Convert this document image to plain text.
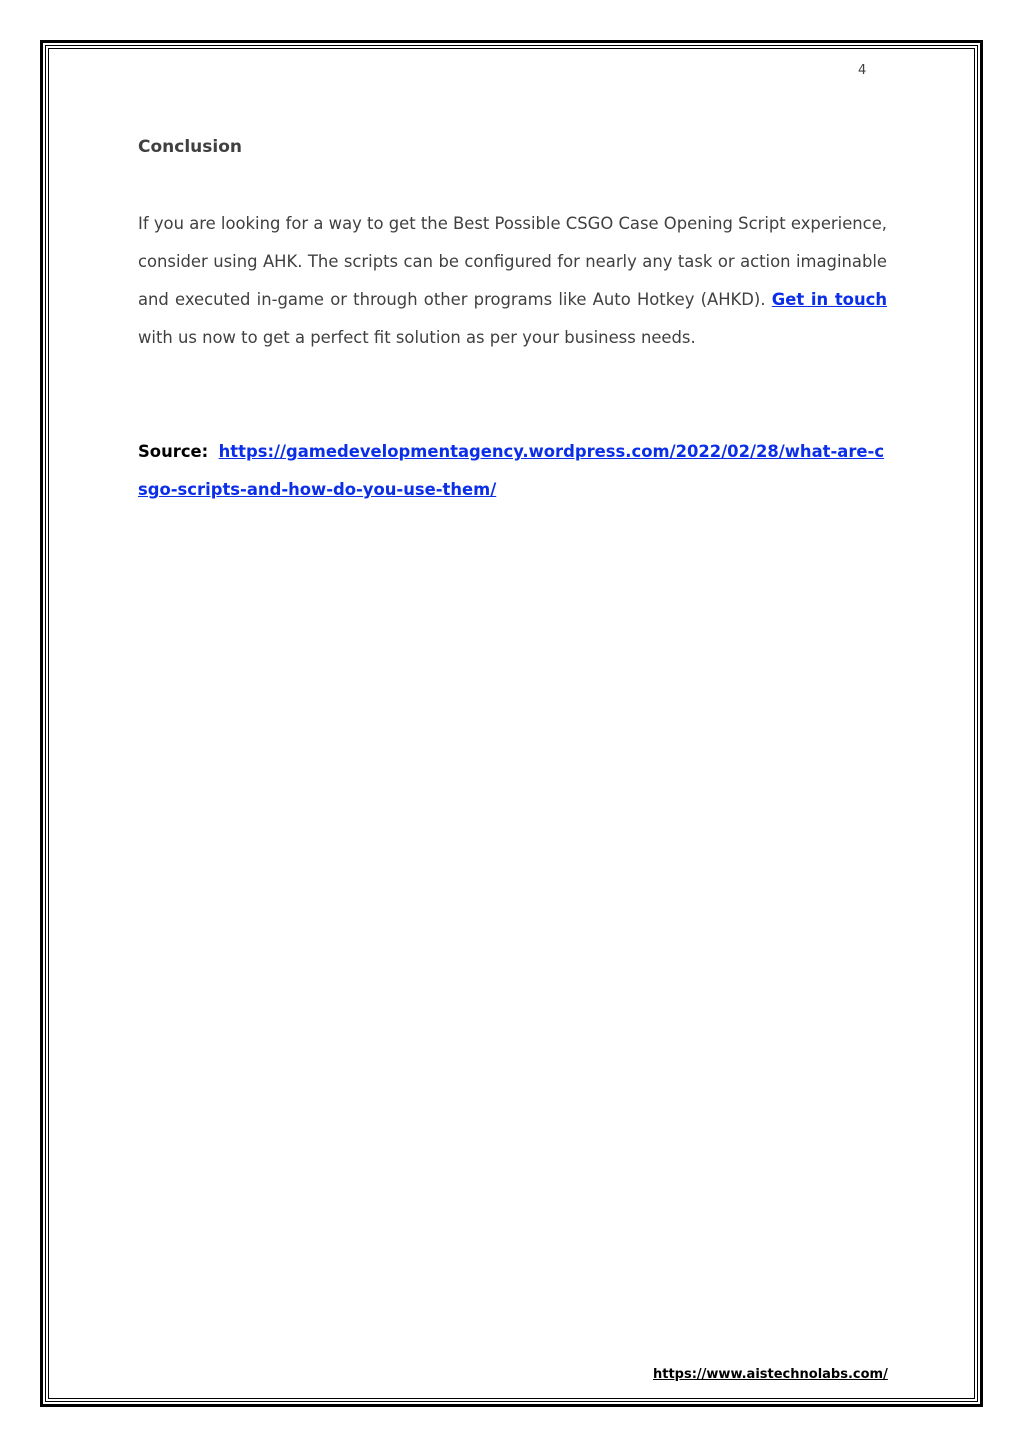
4
Conclusion

If you are looking for a way to get the Best Possible CSGO Case Opening Script experience, consider using AHK. The scripts can be configured for nearly any task or action imaginable and executed in-game or through other programs like Auto Hotkey (AHKD). Get in touch with us now to get a perfect fit solution as per your business needs.

Source: https://gamedevelopmentagency.wordpress.com/2022/02/28/what-are-csgo-scripts-and-how-do-you-use-them/

https://www.aistechnolabs.com/
